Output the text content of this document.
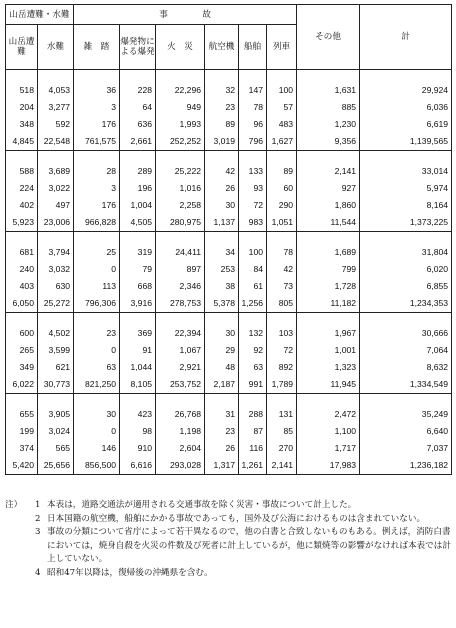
山岳遭難・水難		事　　　　故						その他	計
山岳遭難	水難	雑　踏	爆発物による爆発	火　災	航空機	船舶	列車		

518	4,053	36	228	22,296	32	147	100	1,631	29,924
204	3,277	3	64	949	23	78	57	885	6,036
348	592	176	636	1,993	89	96	483	1,230	6,619
4,845	22,548	761,575	2,661	252,252	3,019	796	1,627	9,356	1,139,565

588	3,689	28	289	25,222	42	133	89	2,141	33,014
224	3,022	3	196	1,016	26	93	60	927	5,974
402	497	176	1,004	2,258	30	72	290	1,860	8,164
5,923	23,006	966,828	4,505	280,975	1,137	983	1,051	11,544	1,373,225

681	3,794	25	319	24,411	34	100	78	1,689	31,804
240	3,032	0	79	897	253	84	42	799	6,020
403	630	113	668	2,346	38	61	73	1,728	6,855
6,050	25,272	796,306	3,916	278,753	5,378	1,256	805	11,182	1,234,353

600	4,502	23	369	22,394	30	132	103	1,967	30,666
265	3,599	0	91	1,067	29	92	72	1,001	7,064
349	621	63	1,044	2,921	48	63	892	1,323	8,632
6,022	30,773	821,250	8,105	253,752	2,187	991	1,789	11,945	1,334,549

655	3,905	30	423	26,768	31	288	131	2,472	35,249
199	3,024	0	98	1,198	23	87	85	1,100	6,640
374	565	146	910	2,604	26	116	270	1,717	7,037
5,420	25,656	856,500	6,616	293,028	1,317	1,261	2,141	17,983	1,236,182
注）	1 本表は，道路交通法が適用される交通事故を除く災害・事故について計上した。
2 日本国籍の航空機，船舶にかかる事故であっても，国外及び公海におけるものは含まれていない。
3 事故の分類について省庁によって若干異なるので，他の白書と合致しないものもある。例えば，消防白書においては，焼身自殺を火災の件数及び死者に計上しているが，他に類焼等の影響がなければ本表では計上していない。
4 昭和47年以降は，復帰後の沖縄県を含む。
